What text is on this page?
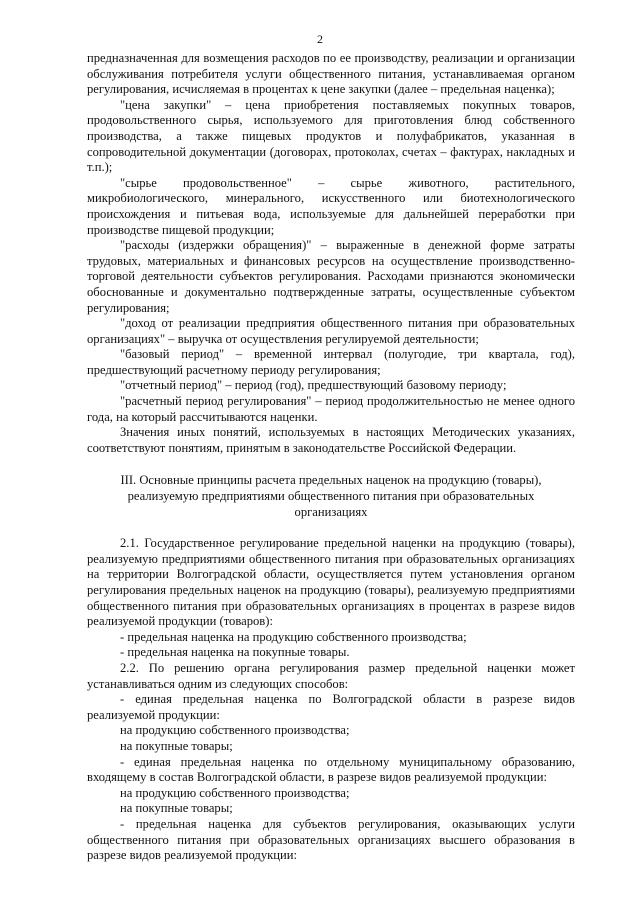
2

предназначенная для возмещения расходов по ее производству, реализации и организации обслуживания потребителя услуги общественного питания, устанавливаемая органом регулирования, исчисляемая в процентах к цене закупки (далее – предельная наценка);

"цена закупки" – цена приобретения поставляемых покупных товаров, продовольственного сырья, используемого для приготовления блюд собственного производства, а также пищевых продуктов и полуфабрикатов, указанная в сопроводительной документации (договорах, протоколах, счетах – фактурах, накладных и т.п.);

"сырье продовольственное" – сырье животного, растительного, микробиологического, минерального, искусственного или биотехнологического происхождения и питьевая вода, используемые для дальнейшей переработки при производстве пищевой продукции;

"расходы (издержки обращения)" – выраженные в денежной форме затраты трудовых, материальных и финансовых ресурсов на осуществление производственно-торговой деятельности субъектов регулирования. Расходами признаются экономически обоснованные и документально подтвержденные затраты, осуществленные субъектом регулирования;

"доход от реализации предприятия общественного питания при образовательных организациях" – выручка от осуществления регулируемой деятельности;

"базовый период" – временной интервал (полугодие, три квартала, год), предшествующий расчетному периоду регулирования;

"отчетный период" – период (год), предшествующий базовому периоду;

"расчетный период регулирования" – период продолжительностью не менее одного года, на который рассчитываются наценки.

Значения иных понятий, используемых в настоящих Методических указаниях, соответствуют понятиям, принятым в законодательстве Российской Федерации.

III. Основные принципы расчета предельных наценок на продукцию (товары), реализуемую предприятиями общественного питания при образовательных организациях

2.1. Государственное регулирование предельной наценки на продукцию (товары), реализуемую предприятиями общественного питания при образовательных организациях на территории Волгоградской области, осуществляется путем установления органом регулирования предельных наценок на продукцию (товары), реализуемую предприятиями общественного питания при образовательных организациях в процентах в разрезе видов реализуемой продукции (товаров):

- предельная наценка на продукцию собственного производства;

- предельная наценка на покупные товары.

2.2. По решению органа регулирования размер предельной наценки может устанавливаться одним из следующих способов:

- единая предельная наценка по Волгоградской области в разрезе видов реализуемой продукции:

на продукцию собственного производства;

на покупные товары;

- единая предельная наценка по отдельному муниципальному образованию, входящему в состав Волгоградской области, в разрезе видов реализуемой продукции:

на продукцию собственного производства;

на покупные товары;

- предельная наценка для субъектов регулирования, оказывающих услуги общественного питания при образовательных организациях высшего образования в разрезе видов реализуемой продукции:
